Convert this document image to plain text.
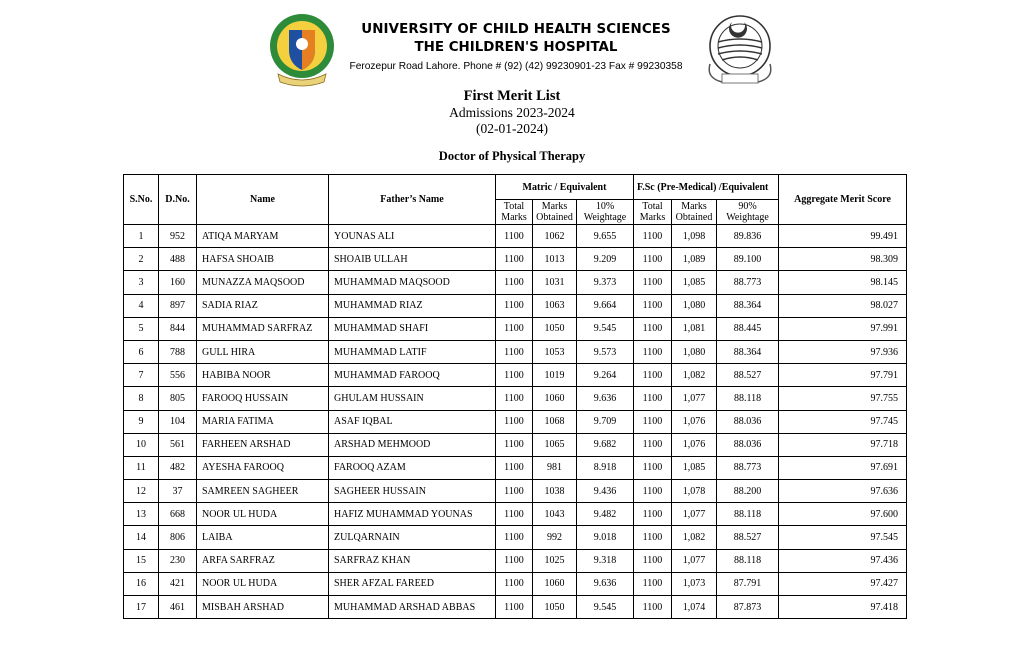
UNIVERSITY OF CHILD HEALTH SCIENCES
THE CHILDREN'S HOSPITAL
Ferozepur Road Lahore. Phone # (92) (42) 99230901-23 Fax # 99230358
First Merit List
Admissions 2023-2024
(02-01-2024)
Doctor of Physical Therapy
S.No.	D.No.	Name	Father’s Name	Matric / Equivalent			F.Sc (Pre-Medical) /Equivalent			Aggregate Merit Score
				Total Marks	Marks Obtained	10% Weightage	Total Marks	Marks Obtained	90% Weightage	
1	952	ATIQA MARYAM	YOUNAS ALI	1100	1062	9.655	1100	1,098	89.836	99.491
2	488	HAFSA SHOAIB	SHOAIB ULLAH	1100	1013	9.209	1100	1,089	89.100	98.309
3	160	MUNAZZA MAQSOOD	MUHAMMAD MAQSOOD	1100	1031	9.373	1100	1,085	88.773	98.145
4	897	SADIA RIAZ	MUHAMMAD RIAZ	1100	1063	9.664	1100	1,080	88.364	98.027
5	844	MUHAMMAD SARFRAZ	MUHAMMAD SHAFI	1100	1050	9.545	1100	1,081	88.445	97.991
6	788	GULL HIRA	MUHAMMAD LATIF	1100	1053	9.573	1100	1,080	88.364	97.936
7	556	HABIBA NOOR	MUHAMMAD FAROOQ	1100	1019	9.264	1100	1,082	88.527	97.791
8	805	FAROOQ HUSSAIN	GHULAM HUSSAIN	1100	1060	9.636	1100	1,077	88.118	97.755
9	104	MARIA FATIMA	ASAF IQBAL	1100	1068	9.709	1100	1,076	88.036	97.745
10	561	FARHEEN ARSHAD	ARSHAD MEHMOOD	1100	1065	9.682	1100	1,076	88.036	97.718
11	482	AYESHA FAROOQ	FAROOQ AZAM	1100	981	8.918	1100	1,085	88.773	97.691
12	37	SAMREEN SAGHEER	SAGHEER HUSSAIN	1100	1038	9.436	1100	1,078	88.200	97.636
13	668	NOOR UL HUDA	HAFIZ MUHAMMAD YOUNAS	1100	1043	9.482	1100	1,077	88.118	97.600
14	806	LAIBA	ZULQARNAIN	1100	992	9.018	1100	1,082	88.527	97.545
15	230	ARFA SARFRAZ	SARFRAZ KHAN	1100	1025	9.318	1100	1,077	88.118	97.436
16	421	NOOR UL HUDA	SHER AFZAL FAREED	1100	1060	9.636	1100	1,073	87.791	97.427
17	461	MISBAH ARSHAD	MUHAMMAD ARSHAD ABBAS	1100	1050	9.545	1100	1,074	87.873	97.418
